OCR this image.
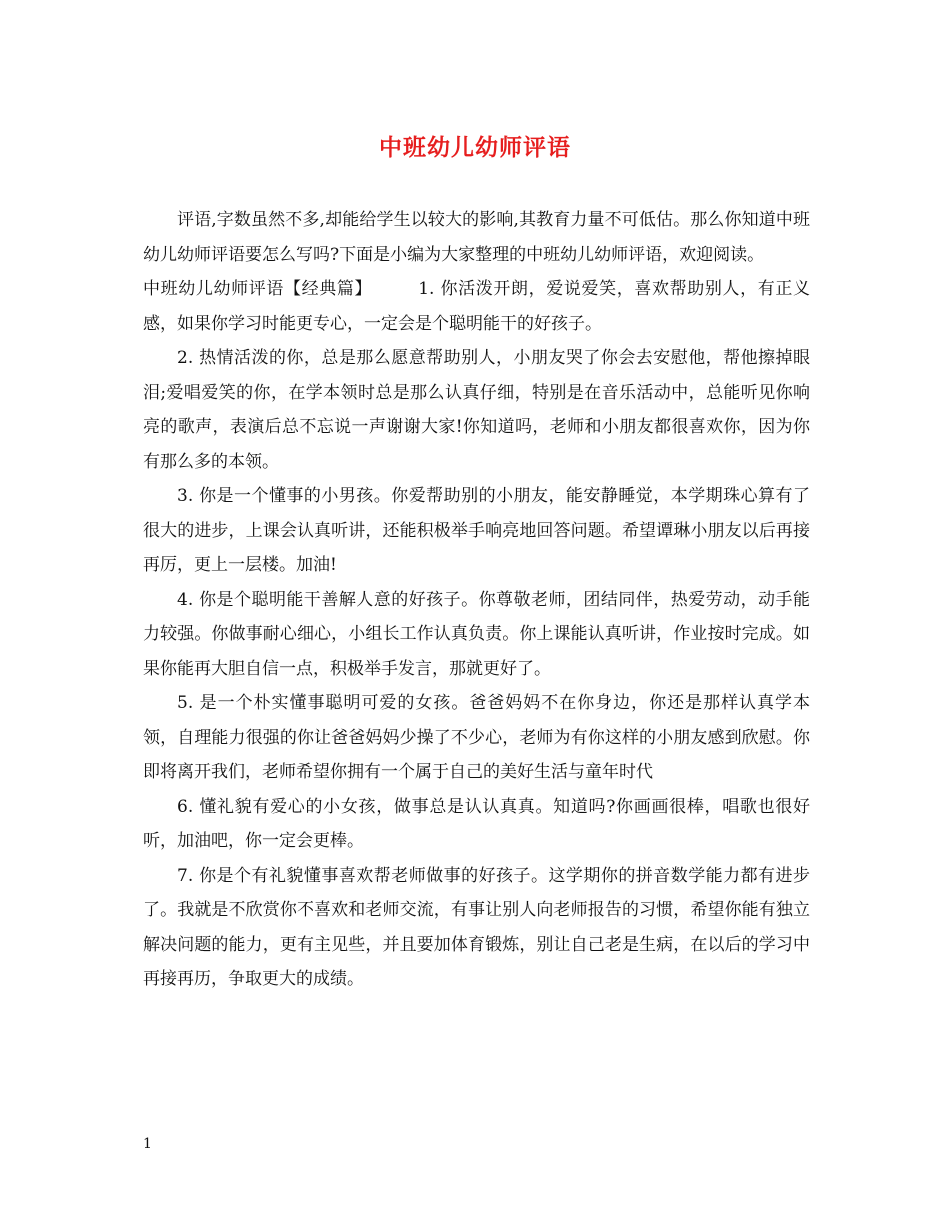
中班幼儿幼师评语

评语,字数虽然不多,却能给学生以较大的影响,其教育力量不可低估。那么你知道中班幼儿幼师评语要怎么写吗?下面是小编为大家整理的中班幼儿幼师评语，欢迎阅读。

中班幼儿幼师评语【经典篇】	1. 你活泼开朗，爱说爱笑，喜欢帮助别人，有正义感，如果你学习时能更专心，一定会是个聪明能干的好孩子。

2. 热情活泼的你，总是那么愿意帮助别人，小朋友哭了你会去安慰他，帮他擦掉眼泪;爱唱爱笑的你，在学本领时总是那么认真仔细，特别是在音乐活动中，总能听见你响亮的歌声，表演后总不忘说一声谢谢大家!你知道吗，老师和小朋友都很喜欢你，因为你有那么多的本领。

3. 你是一个懂事的小男孩。你爱帮助别的小朋友，能安静睡觉，本学期珠心算有了很大的进步，上课会认真听讲，还能积极举手响亮地回答问题。希望谭琳小朋友以后再接再厉，更上一层楼。加油!

4. 你是个聪明能干善解人意的好孩子。你尊敬老师，团结同伴，热爱劳动，动手能力较强。你做事耐心细心，小组长工作认真负责。你上课能认真听讲，作业按时完成。如果你能再大胆自信一点，积极举手发言，那就更好了。

5. 是一个朴实懂事聪明可爱的女孩。爸爸妈妈不在你身边，你还是那样认真学本领，自理能力很强的你让爸爸妈妈少操了不少心，老师为有你这样的小朋友感到欣慰。你即将离开我们，老师希望你拥有一个属于自己的美好生活与童年时代

6. 懂礼貌有爱心的小女孩，做事总是认认真真。知道吗?你画画很棒，唱歌也很好听，加油吧，你一定会更棒。

7. 你是个有礼貌懂事喜欢帮老师做事的好孩子。这学期你的拼音数学能力都有进步了。我就是不欣赏你不喜欢和老师交流，有事让别人向老师报告的习惯，希望你能有独立解决问题的能力，更有主见些，并且要加体育锻炼，别让自己老是生病，在以后的学习中再接再历，争取更大的成绩。

1
